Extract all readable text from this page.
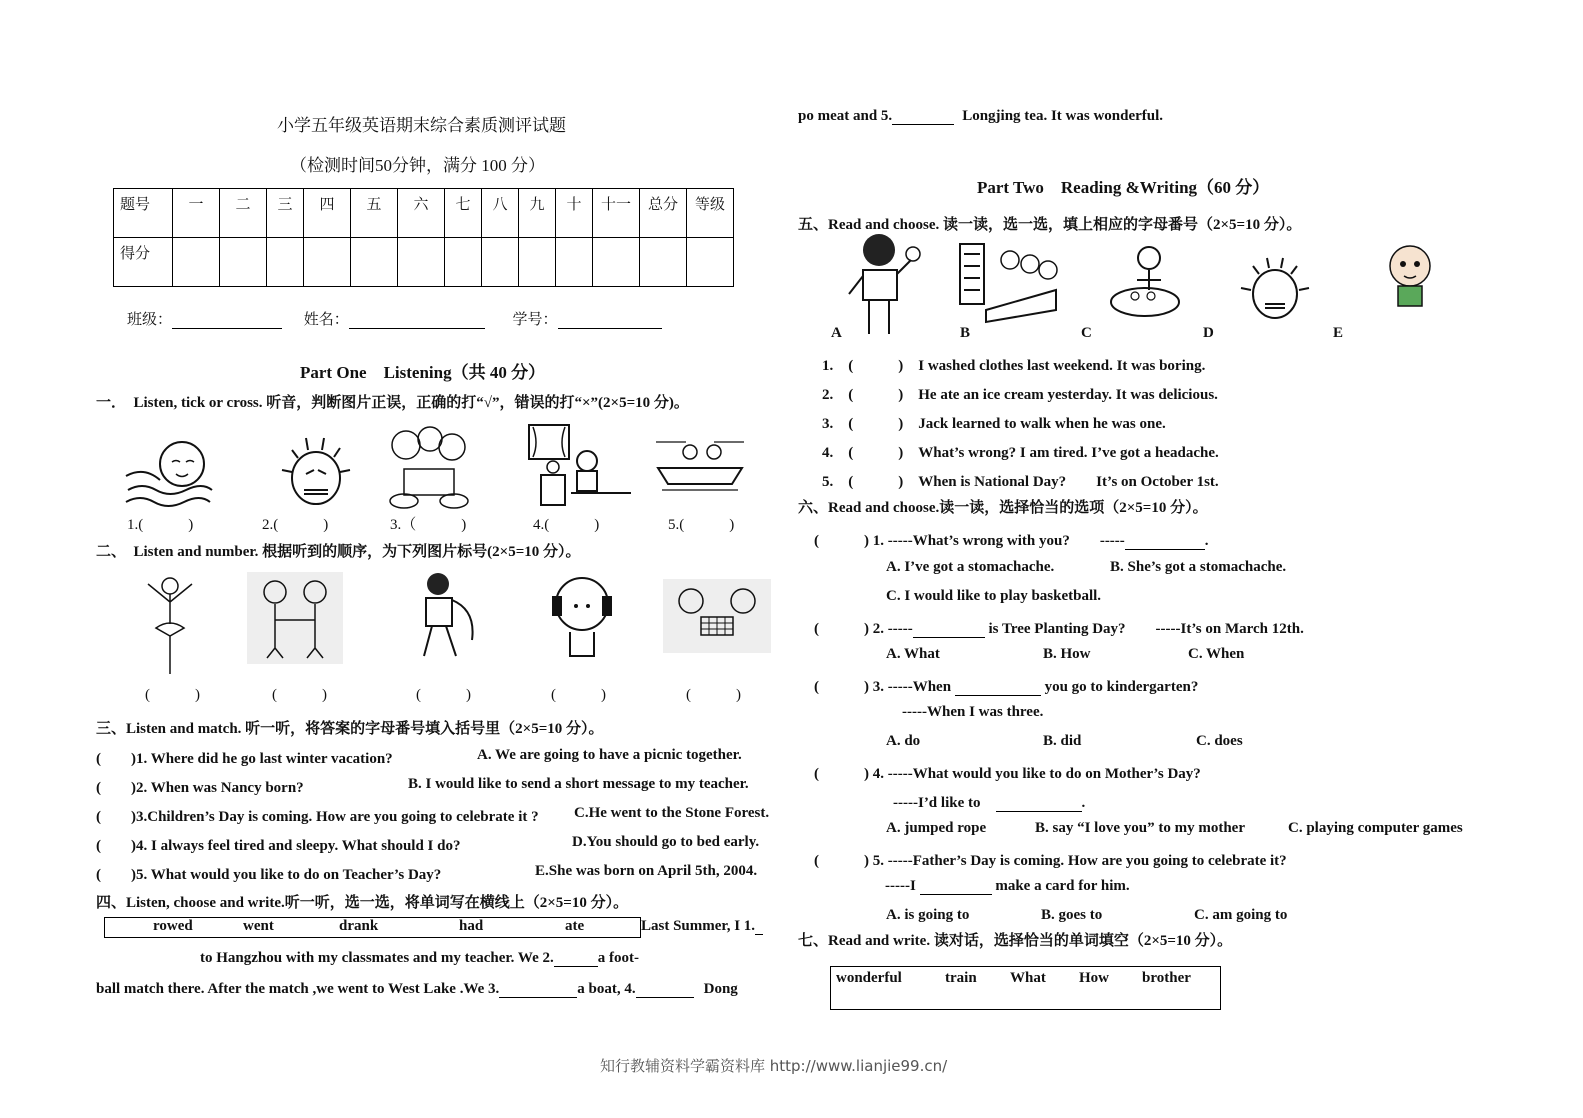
小学五年级英语期末综合素质测评试题
（检测时间50分钟，满分 100 分）
题号	一	二	三	四	五	六	七	八	九	十	十一	总分	等级
得分													
班级：	姓名：	学号：
Part One　Listening（共 40 分）
一．　Listen, tick or cross. 听音，判断图片正误，正确的打“√”，错误的打“×”(2×5=10 分)。
1.(　　　)	2.(　　　)	3.（　　　)	4.(　　　)	5.(　　　)
二、　Listen and number. 根据听到的顺序，为下列图片标号(2×5=10 分）。
(　　　)	(　　　)	(　　　)	(　　　)	(　　　)
三、Listen and match. 听一听，将答案的字母番号填入括号里（2×5=10 分）。
(　　)1. Where did he go last winter vacation?	A. We are going to have a picnic together.
(　　)2. When was Nancy born?	B. I would like to send a short message to my teacher.
(　　)3.Children’s Day is coming. How are you going to celebrate it ? C.He went to the Stone Forest.
(　　)4. I always feel tired and sleepy. What should I do?	D.You should go to bed early.
(　　)5. What would you like to do on Teacher’s Day?	E.She was born on April 5th, 2004.
四、Listen, choose and write.听一听，选一选，将单词写在横线上（2×5=10 分）。
rowed	went	drank	had	ate	Last Summer, I 1.
to Hangzhou with my classmates and my teacher. We 2.	a foot-
ball match there. After the match ,we went to West Lake .We 3.	a boat, 4.	Dong
po meat and 5.	Longjing tea. It was wonderful.
Part Two　Reading &Writing（60 分）
五、Read and choose. 读一读，选一选，填上相应的字母番号（2×5=10 分）。
A	B	C	D	E
1.　(　　　)　I washed clothes last weekend. It was boring.
2.　(　　　)　He ate an ice cream yesterday. It was delicious.
3.　(　　　)　Jack learned to walk when he was one.
4.　(　　　)　What’s wrong? I am tired. I’ve got a headache.
5.　(　　　)　When is National Day?　　It’s on October 1st.
六、Read and choose.读一读，选择恰当的选项（2×5=10 分）。
(　　　) 1. -----What’s wrong with you?　　-----	.
A. I’ve got a stomachache.	B. She’s got a stomachache.
C. I would like to play basketball.
(　　　) 2. -----	is Tree Planting Day?　　-----It’s on March 12th.
A. What	B. How	C. When
(　　　) 3. -----When	you go to kindergarten?
-----When I was three.
A. do	B. did	C. does
(　　　) 4. -----What would you like to do on Mother’s Day?
-----I’d like to　	.
A. jumped rope	B. say “I love you” to my mother	C. playing computer games
(　　　) 5. -----Father’s Day is coming. How are you going to celebrate it?
-----I	make a card for him.
A. is going to	B. goes to	C. am going to
七、Read and write. 读对话，选择恰当的单词填空（2×5=10 分）。
wonderful	train What How brother
知行教辅资料学霸资料库 http://www.lianjie99.cn/
